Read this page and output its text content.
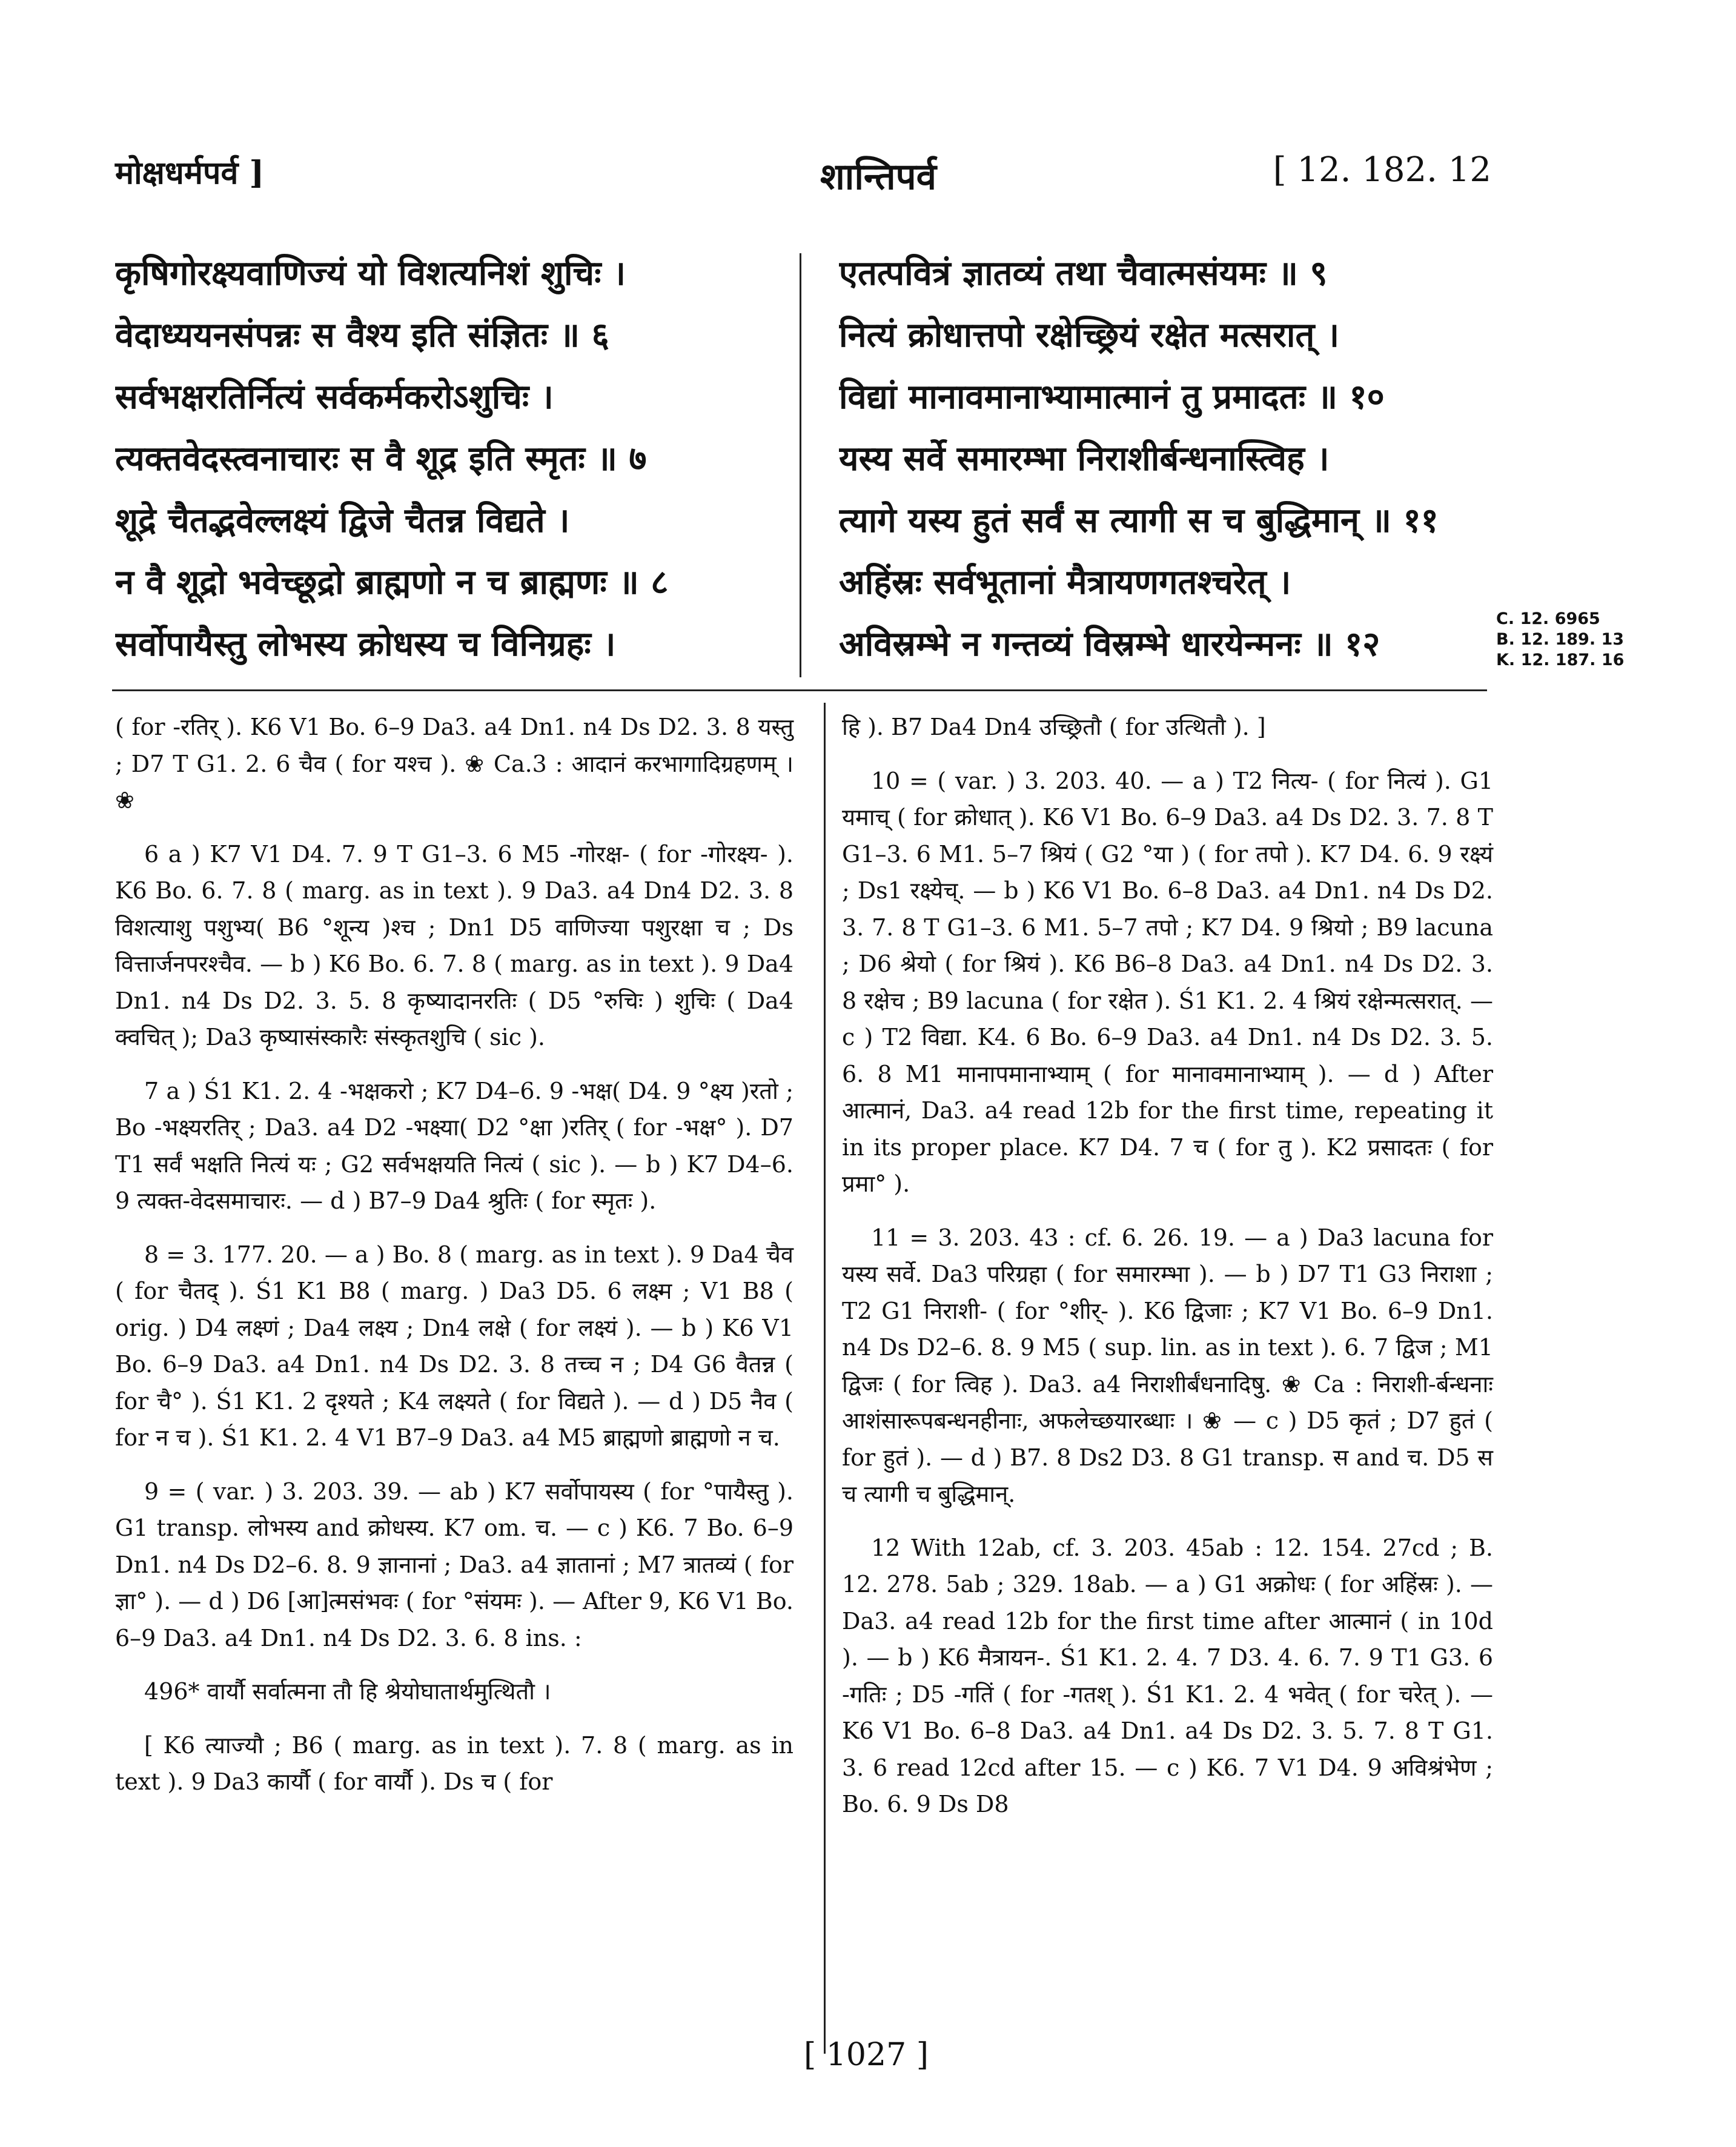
मोक्षधर्मपर्व ]	शान्तिपर्व	[ 12. 182. 12
कृषिगोरक्ष्यवाणिज्यं यो विशत्यनिशं शुचिः ।
वेदाध्ययनसंपन्नः स वैश्य इति संज्ञितः ॥ ६
सर्वभक्षरतिर्नित्यं सर्वकर्मकरोऽशुचिः ।
त्यक्तवेदस्त्वनाचारः स वै शूद्र इति स्मृतः ॥ ७
शूद्रे चैतद्भवेल्लक्ष्यं द्विजे चैतन्न विद्यते ।
न वै शूद्रो भवेच्छूद्रो ब्राह्मणो न च ब्राह्मणः ॥ ८
सर्वोपायैस्तु लोभस्य क्रोधस्य च विनिग्रहः ।
एतत्पवित्रं ज्ञातव्यं तथा चैवात्मसंयमः ॥ ९
नित्यं क्रोधात्तपो रक्षेच्छ्रियं रक्षेत मत्सरात् ।
विद्यां मानावमानाभ्यामात्मानं तु प्रमादतः ॥ १०
यस्य सर्वे समारम्भा निराशीर्बन्धनास्त्विह ।
त्यागे यस्य हुतं सर्वं स त्यागी स च बुद्धिमान् ॥ ११
अहिंस्रः सर्वभूतानां मैत्रायणगतश्चरेत् ।
अविस्रम्भे न गन्तव्यं विस्रम्भे धारयेन्मनः ॥ १२
C. 12. 6965
B. 12. 189. 13
K. 12. 187. 16

( for -रतिर् ). K6 V1 Bo. 6–9 Da3. a4 Dn1. n4 Ds D2. 3. 8 यस्तु ; D7 T G1. 2. 6 चैव ( for यश्च ). ❀ Ca.3 : आदानं करभागादिग्रहणम् । ❀

6 a ) K7 V1 D4. 7. 9 T G1–3. 6 M5 -गोरक्ष- ( for -गोरक्ष्य- ). K6 Bo. 6. 7. 8 ( marg. as in text ). 9 Da3. a4 Dn4 D2. 3. 8 विशत्याशु पशुभ्य( B6 °शून्य )श्च ; Dn1 D5 वाणिज्या पशुरक्षा च ; Ds वित्तार्जनपरश्चैव. — b ) K6 Bo. 6. 7. 8 ( marg. as in text ). 9 Da4 Dn1. n4 Ds D2. 3. 5. 8 कृष्यादानरतिः ( D5 °रुचिः ) शुचिः ( Da4 क्वचित् ); Da3 कृष्यासंस्कारैः संस्कृतशुचि ( sic ).

7 a ) Ś1 K1. 2. 4 -भक्षकरो ; K7 D4–6. 9 -भक्ष( D4. 9 °क्ष्य )रतो ; Bo -भक्ष्यरतिर् ; Da3. a4 D2 -भक्ष्या( D2 °क्षा )रतिर् ( for -भक्ष° ). D7 T1 सर्वं भक्षति नित्यं यः ; G2 सर्वभक्षयति नित्यं ( sic ). — b ) K7 D4–6. 9 त्यक्त-वेदसमाचारः. — d ) B7–9 Da4 श्रुतिः ( for स्मृतः ).

8 = 3. 177. 20. — a ) Bo. 8 ( marg. as in text ). 9 Da4 चैव ( for चैतद् ). Ś1 K1 B8 ( marg. ) Da3 D5. 6 लक्ष्म ; V1 B8 ( orig. ) D4 लक्ष्णं ; Da4 लक्ष्य ; Dn4 लक्षे ( for लक्ष्यं ). — b ) K6 V1 Bo. 6–9 Da3. a4 Dn1. n4 Ds D2. 3. 8 तच्च न ; D4 G6 वैतन्न ( for चै° ). Ś1 K1. 2 दृश्यते ; K4 लक्ष्यते ( for विद्यते ). — d ) D5 नैव ( for न च ). Ś1 K1. 2. 4 V1 B7–9 Da3. a4 M5 ब्राह्मणो ब्राह्मणो न च.

9 = ( var. ) 3. 203. 39. — ab ) K7 सर्वोपायस्य ( for °पायैस्तु ). G1 transp. लोभस्य and क्रोधस्य. K7 om. च. — c ) K6. 7 Bo. 6–9 Dn1. n4 Ds D2–6. 8. 9 ज्ञानानां ; Da3. a4 ज्ञातानां ; M7 त्रातव्यं ( for ज्ञा° ). — d ) D6 [आ]त्मसंभवः ( for °संयमः ). — After 9, K6 V1 Bo. 6–9 Da3. a4 Dn1. n4 Ds D2. 3. 6. 8 ins. :

496* वार्यौ सर्वात्मना तौ हि श्रेयोघातार्थमुत्थितौ ।

[ K6 त्याज्यौ ; B6 ( marg. as in text ). 7. 8 ( marg. as in text ). 9 Da3 कार्यौ ( for वार्यौ ). Ds च ( for

हि ). B7 Da4 Dn4 उच्छ्रितौ ( for उत्थितौ ). ]

10 = ( var. ) 3. 203. 40. — a ) T2 नित्य- ( for नित्यं ). G1 यमाच् ( for क्रोधात् ). K6 V1 Bo. 6–9 Da3. a4 Ds D2. 3. 7. 8 T G1–3. 6 M1. 5–7 श्रियं ( G2 °या ) ( for तपो ). K7 D4. 6. 9 रक्ष्यं ; Ds1 रक्ष्येच्. — b ) K6 V1 Bo. 6–8 Da3. a4 Dn1. n4 Ds D2. 3. 7. 8 T G1–3. 6 M1. 5–7 तपो ; K7 D4. 9 श्रियो ; B9 lacuna ; D6 श्रेयो ( for श्रियं ). K6 B6–8 Da3. a4 Dn1. n4 Ds D2. 3. 8 रक्षेच ; B9 lacuna ( for रक्षेत ). Ś1 K1. 2. 4 श्रियं रक्षेन्मत्सरात्. — c ) T2 विद्या. K4. 6 Bo. 6–9 Da3. a4 Dn1. n4 Ds D2. 3. 5. 6. 8 M1 मानापमानाभ्याम् ( for मानावमानाभ्याम् ). — d ) After आत्मानं, Da3. a4 read 12b for the first time, repeating it in its proper place. K7 D4. 7 च ( for तु ). K2 प्रसादतः ( for प्रमा° ).

11 = 3. 203. 43 : cf. 6. 26. 19. — a ) Da3 lacuna for यस्य सर्वे. Da3 परिग्रहा ( for समारम्भा ). — b ) D7 T1 G3 निराशा ; T2 G1 निराशी- ( for °शीर्- ). K6 द्विजाः ; K7 V1 Bo. 6–9 Dn1. n4 Ds D2–6. 8. 9 M5 ( sup. lin. as in text ). 6. 7 द्विज ; M1 द्विजः ( for त्विह ). Da3. a4 निराशीर्बंधनादिषु. ❀ Ca : निराशी-र्बन्धनाः आशंसारूपबन्धनहीनाः, अफलेच्छयारब्धाः । ❀ — c ) D5 कृतं ; D7 हुतं ( for हुतं ). — d ) B7. 8 Ds2 D3. 8 G1 transp. स and च. D5 स च त्यागी च बुद्धिमान्.

12 With 12ab, cf. 3. 203. 45ab : 12. 154. 27cd ; B. 12. 278. 5ab ; 329. 18ab. — a ) G1 अक्रोधः ( for अहिंस्रः ). — Da3. a4 read 12b for the first time after आत्मानं ( in 10d ). — b ) K6 मैत्रायन-. Ś1 K1. 2. 4. 7 D3. 4. 6. 7. 9 T1 G3. 6 -गतिः ; D5 -गतिं ( for -गतश् ). Ś1 K1. 2. 4 भवेत् ( for चरेत् ). — K6 V1 Bo. 6–8 Da3. a4 Dn1. a4 Ds D2. 3. 5. 7. 8 T G1. 3. 6 read 12cd after 15. — c ) K6. 7 V1 D4. 9 अविश्रंभेण ; Bo. 6. 9 Ds D8

[ 1027 ]
